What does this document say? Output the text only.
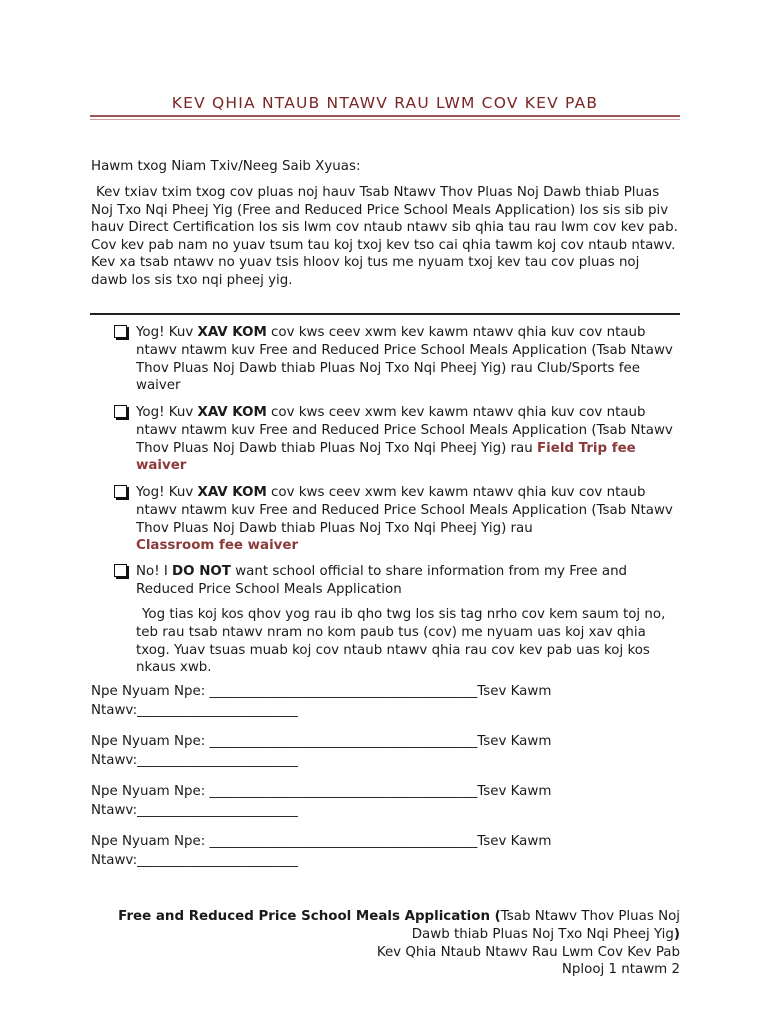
KEV QHIA NTAUB NTAWV RAU LWM COV KEV PAB
Hawm txog Niam Txiv/Neeg Saib Xyuas:
Kev txiav txim txog cov pluas noj hauv Tsab Ntawv Thov Pluas Noj Dawb thiab Pluas Noj Txo Nqi Pheej Yig (Free and Reduced Price School Meals Application) los sis sib piv hauv Direct Certification los sis lwm cov ntaub ntawv sib qhia tau rau lwm cov kev pab. Cov kev pab nam no yuav tsum tau koj txoj kev tso cai qhia tawm koj cov ntaub ntawv. Kev xa tsab ntawv no yuav tsis hloov koj tus me nyuam txoj kev tau cov pluas noj dawb los sis txo nqi pheej yig.
Yog! Kuv XAV KOM cov kws ceev xwm kev kawm ntawv qhia kuv cov ntaub ntawv ntawm kuv Free and Reduced Price School Meals Application (Tsab Ntawv Thov Pluas Noj Dawb thiab Pluas Noj Txo Nqi Pheej Yig) rau Club/Sports fee waiver
Yog! Kuv XAV KOM cov kws ceev xwm kev kawm ntawv qhia kuv cov ntaub ntawv ntawm kuv Free and Reduced Price School Meals Application (Tsab Ntawv Thov Pluas Noj Dawb thiab Pluas Noj Txo Nqi Pheej Yig) rau Field Trip fee waiver
Yog! Kuv XAV KOM cov kws ceev xwm kev kawm ntawv qhia kuv cov ntaub ntawv ntawm kuv Free and Reduced Price School Meals Application (Tsab Ntawv Thov Pluas Noj Dawb thiab Pluas Noj Txo Nqi Pheej Yig) rau
Classroom fee waiver
No! I DO NOT want school official to share information from my Free and Reduced Price School Meals Application
Yog tias koj kos qhov yog rau ib qho twg los sis tag nrho cov kem saum toj no, teb rau tsab ntawv nram no kom paub tus (cov) me nyuam uas koj xav qhia txog. Yuav tsuas muab koj cov ntaub ntawv qhia rau cov kev pab uas koj kos nkaus xwb.
Npe Nyuam Npe: ________________________________________Tsev Kawm
Ntawv:________________________
Npe Nyuam Npe: ________________________________________Tsev Kawm
Ntawv:________________________
Npe Nyuam Npe: ________________________________________Tsev Kawm
Ntawv:________________________
Npe Nyuam Npe: ________________________________________Tsev Kawm
Ntawv:________________________
Free and Reduced Price School Meals Application (Tsab Ntawv Thov Pluas Noj
Dawb thiab Pluas Noj Txo Nqi Pheej Yig)
Kev Qhia Ntaub Ntawv Rau Lwm Cov Kev Pab
Nplooj 1 ntawm 2
